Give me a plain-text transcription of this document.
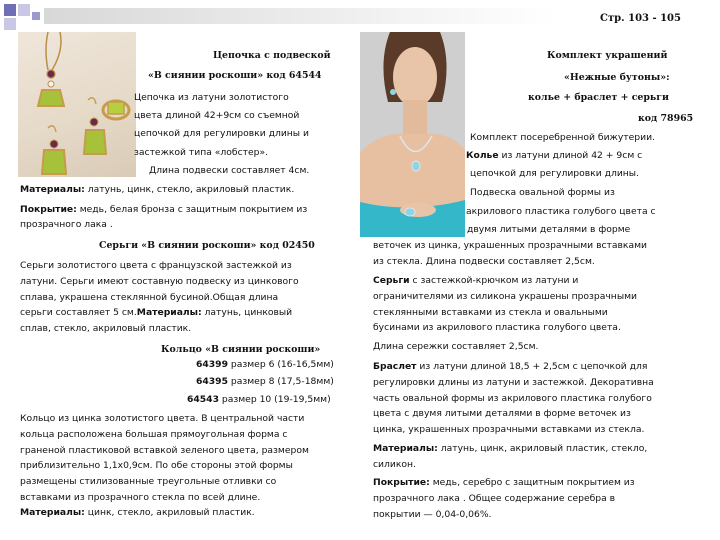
Стр. 103 - 105
Цепочка с подвеской
«В сиянии роскоши» код 64544
Цепочка из латуни золотистого
цвета длиной 42+9см со съемной
цепочкой для регулировки длины и
застежкой типа «лобстер».
Длина подвески составляет 4см.
Материалы: латунь, цинк, стекло, акриловый пластик.
Покрытие: медь, белая бронза с защитным покрытием из
прозрачного лака .
Серьги «В сиянии роскоши» код 02450
Серьги золотистого цвета с французской застежкой из
латуни. Серьги имеют составную подвеску из цинкового
сплава, украшена стеклянной бусиной.Общая длина
серьги составляет 5 см.Материалы: латунь, цинковый
сплав, стекло, акриловый пластик.
Кольцо «В сиянии роскоши»
64399 размер 6 (16-16,5мм)
64395 размер 8 (17,5-18мм)
64543 размер 10 (19-19,5мм)
Кольцо из цинка золотистого цвета. В центральной части
кольца расположена большая прямоугольная форма с
граненой пластиковой вставкой зеленого цвета, размером
приблизительно 1,1х0,9см. По обе стороны этой формы
размещены стилизованные треугольные отливки со
вставками из прозрачного стекла по всей длине.
Материалы: цинк, стекло, акриловый пластик.
Комплект украшений
«Нежные бутоны»:
колье + браслет + серьги
код 78965
Комплект посеребренной бижутерии.
Колье из латуни длиной 42 + 9см с
цепочкой для регулировки длины.
Подвеска овальной формы из
акрилового пластика голубого цвета с
двумя литыми деталями в форме
веточек из цинка, украшенных прозрачными вставками
из стекла. Длина подвески составляет 2,5см.
Серьги с застежкой-крючком из латуни и
ограничителями из силикона украшены прозрачными
стеклянными вставками из стекла и овальными
бусинами из акрилового пластика голубого цвета.
Длина сережки составляет 2,5см.
Браслет из латуни длиной 18,5 + 2,5см с цепочкой для
регулировки длины из латуни и застежкой. Декоративна
часть овальной формы из акрилового пластика голубого
цвета с двумя литыми деталями в форме веточек из
цинка, украшенных прозрачными вставками из стекла.
Материалы: латунь, цинк, акриловый пластик, стекло,
силикон.
Покрытие: медь, серебро с защитным покрытием из
прозрачного лака . Общее содержание серебра в
покрытии — 0,04-0,06%.
